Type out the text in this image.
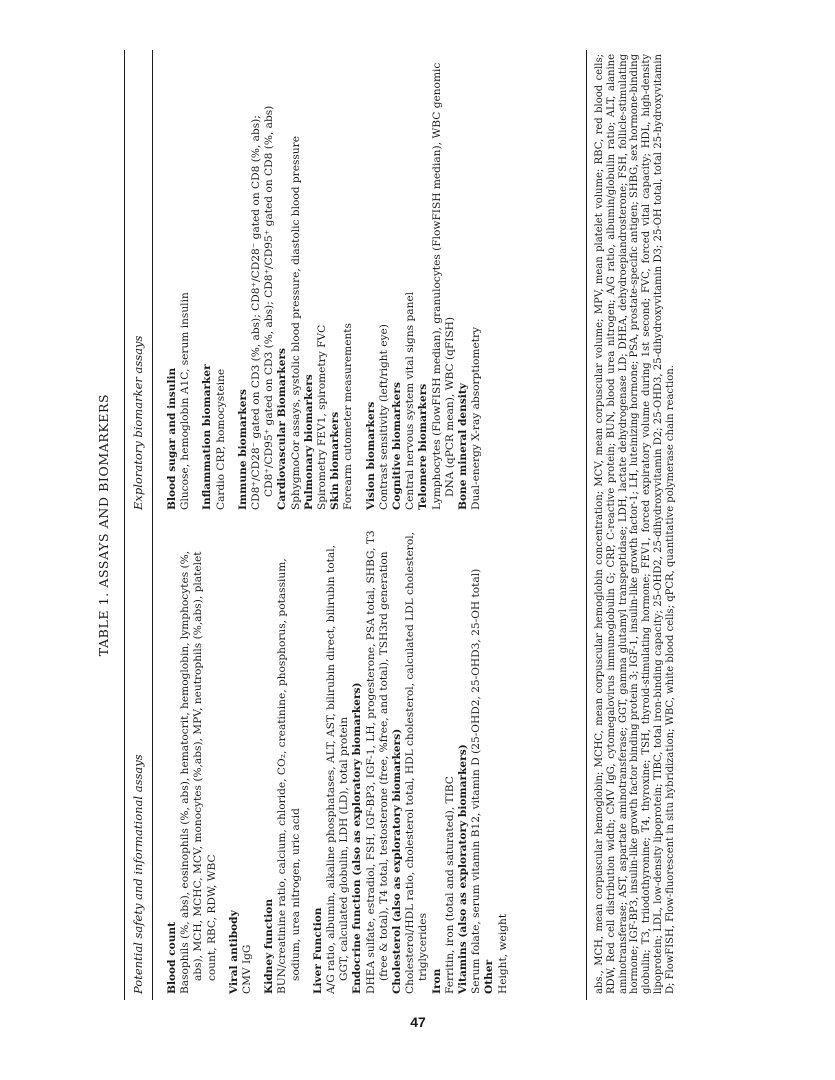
47
TABLE 1. ASSAYS AND BIOMARKERS
Potential safety and informational assays
Exploratory biomarker assays
Blood count Basophils (%, abs), eosinophils (%, abs), hematocrit, hemoglobin, lymphocytes (%, abs), MCH, MCHC, MCV, monocytes (%,abs), MPV, neutrophils (%,abs), platelet count, RBC, RDW, WBC Viral antibody CMV IgG Kidney function BUN/creatinine ratio, calcium, chloride, CO₂, creatinine, phosphorus, potassium, sodium, urea nitrogen, uric acid Liver Function A/G ratio, albumin, alkaline phosphatases, ALT, AST, bilirubin direct, bilirubin total, GGT, calculated globulin, LDH (LD), total protein Endocrine function (also as exploratory biomarkers) DHEA sulfate, estradiol, FSH, IGF-BP3, IGF-1, LH, progesterone, PSA total, SHBG, T3 (free & total), T4 total, testosterone (free, %free, and total), TSH3rd generation Cholesterol (also as exploratory biomarkers) Cholesterol/HDL ratio, cholesterol total, HDL cholesterol, calculated LDL cholesterol, triglycerides
Iron Ferritin, iron (total and saturated), TIBC Vitamins (also as exploratory biomarkers) Serum folate, serum vitamin B12, vitamin D (25-OHD2, 25-OHD3, 25-OH total) Other Height, weight
Blood sugar and insulin Glucose, hemoglobin A1C, serum insulin Inflammation biomarker Cardio CRP, homocysteine Immune biomarkers CD8⁺/CD28⁻ gated on CD3 (%, abs); CD8⁺/CD28⁻ gated on CD8 (%, abs); CD8⁺/CD95⁺ gated on CD3 (%, abs); CD8⁺/CD95⁺ gated on CD8 (%, abs) Cardiovascular Biomarkers SphygmoCor assays, systolic blood pressure, diastolic blood pressure Pulmonary biomarkers Spirometry FEV1, spirometry FVC Skin biomarkers Forearm cutometer measurements Vision biomarkers Contrast sensitivity (left/right eye) Cognitive biomarkers Central nervous system vital signs panel Telomere biomarkers Lymphocytes (FlowFISH median), granulocytes (FlowFISH median), WBC genomic DNA (qPCR mean), WBC (qFISH) Bone mineral density Dual-energy X-ray absorptiometry	abs., MCH, mean corpuscular hemoglobin; MCHC, mean corpuscular hemoglobin concentration; MCV, mean corpuscular volume; MPV, mean platelet volume; RBC, red blood cells; RDW, Red cell distribution width; CMV IgG, cytomegalovirus immunoglobulin G; CRP, C-reactive protein; BUN, blood urea nitrogen; A/G ratio, albumin/globulin ratio; ALT, alanine aminotransferase; AST, aspartate aminotransferase; GGT, gamma glutamyl transpeptidase; LDH, lactate dehydrogenase LD; DHEA, dehydroepiandrosterone; FSH, follicle-stimulating hormone; IGF-BP3, insulin-like growth factor binding protein 3; IGF-1, insulin-like growth factor-1; LH, luteinizing hormone; PSA, prostate-specific antigen; SHBG, sex hormone-binding globulin; T3, triiodothyronine; T4, thyroxine; TSH, thyroid-stimulating hormone; FEV1, forced expiratory volume during 1st second; FVC, forced vital capacity; HDL, high-density lipoprotein; LDL, low-density lipoprotein; TIBC, total iron-binding capacity; 25-OHD2, 25-dihydroxyvitamin D2; 25-OHD3, 25-dihydroxyvitamin D3; 25-OH total, total 25-hydroxyvitamin D; FlowFISH, Flow-fluorescent in situ hybridization; WBC, white blood cells; qPCR, quantitative polymerase chain reaction.
